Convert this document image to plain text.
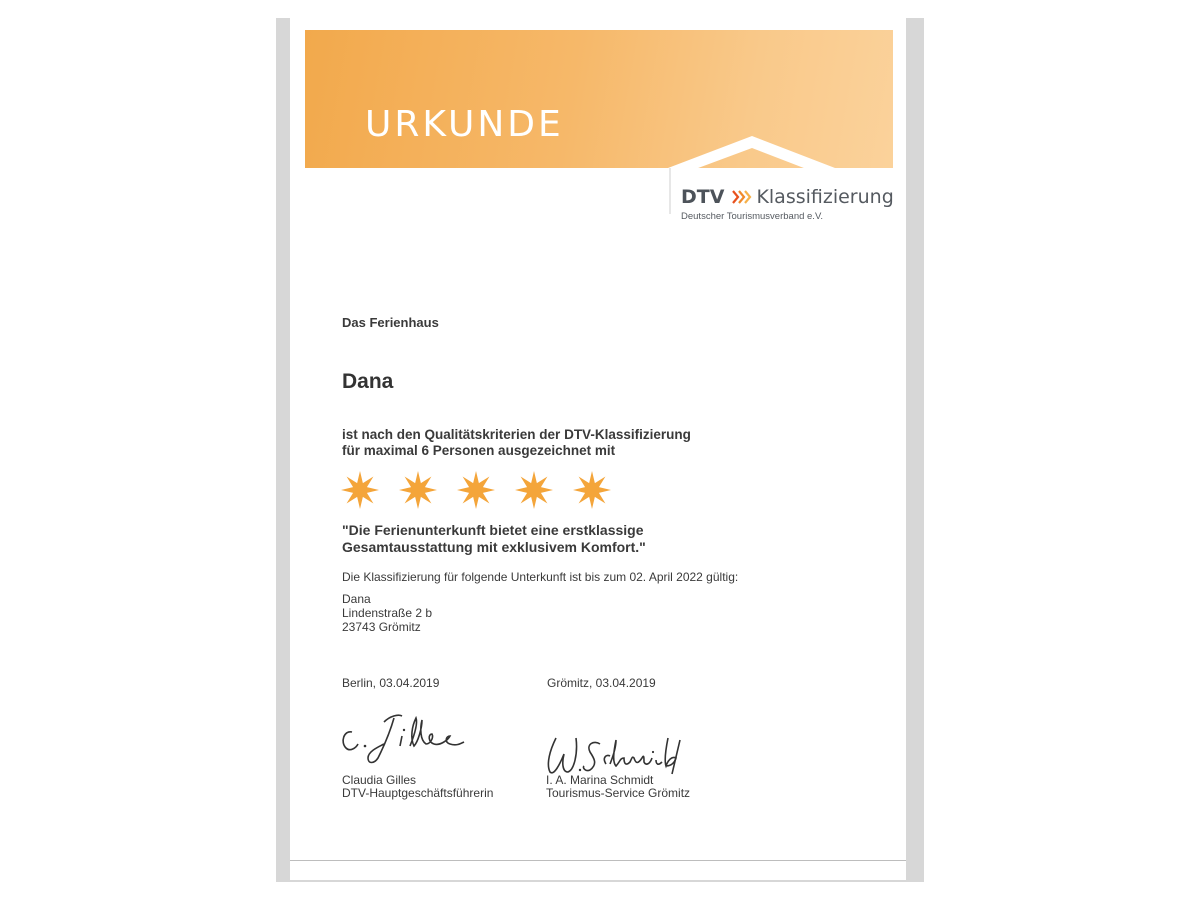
URKUNDE
DTV Klassifizierung
Deutscher Tourismusverband e.V.
Das Ferienhaus
Dana
ist nach den Qualitätskriterien der DTV-Klassifizierung
für maximal 6 Personen ausgezeichnet mit
"Die Ferienunterkunft bietet eine erstklassige
Gesamtausstattung mit exklusivem Komfort."
Die Klassifizierung für folgende Unterkunft ist bis zum 02. April 2022 gültig:
Dana
Lindenstraße 2 b
23743 Grömitz
Berlin, 03.04.2019	Grömitz, 03.04.2019
Claudia Gilles
DTV-Hauptgeschäftsführerin
I. A. Marina Schmidt
Tourismus-Service Grömitz
